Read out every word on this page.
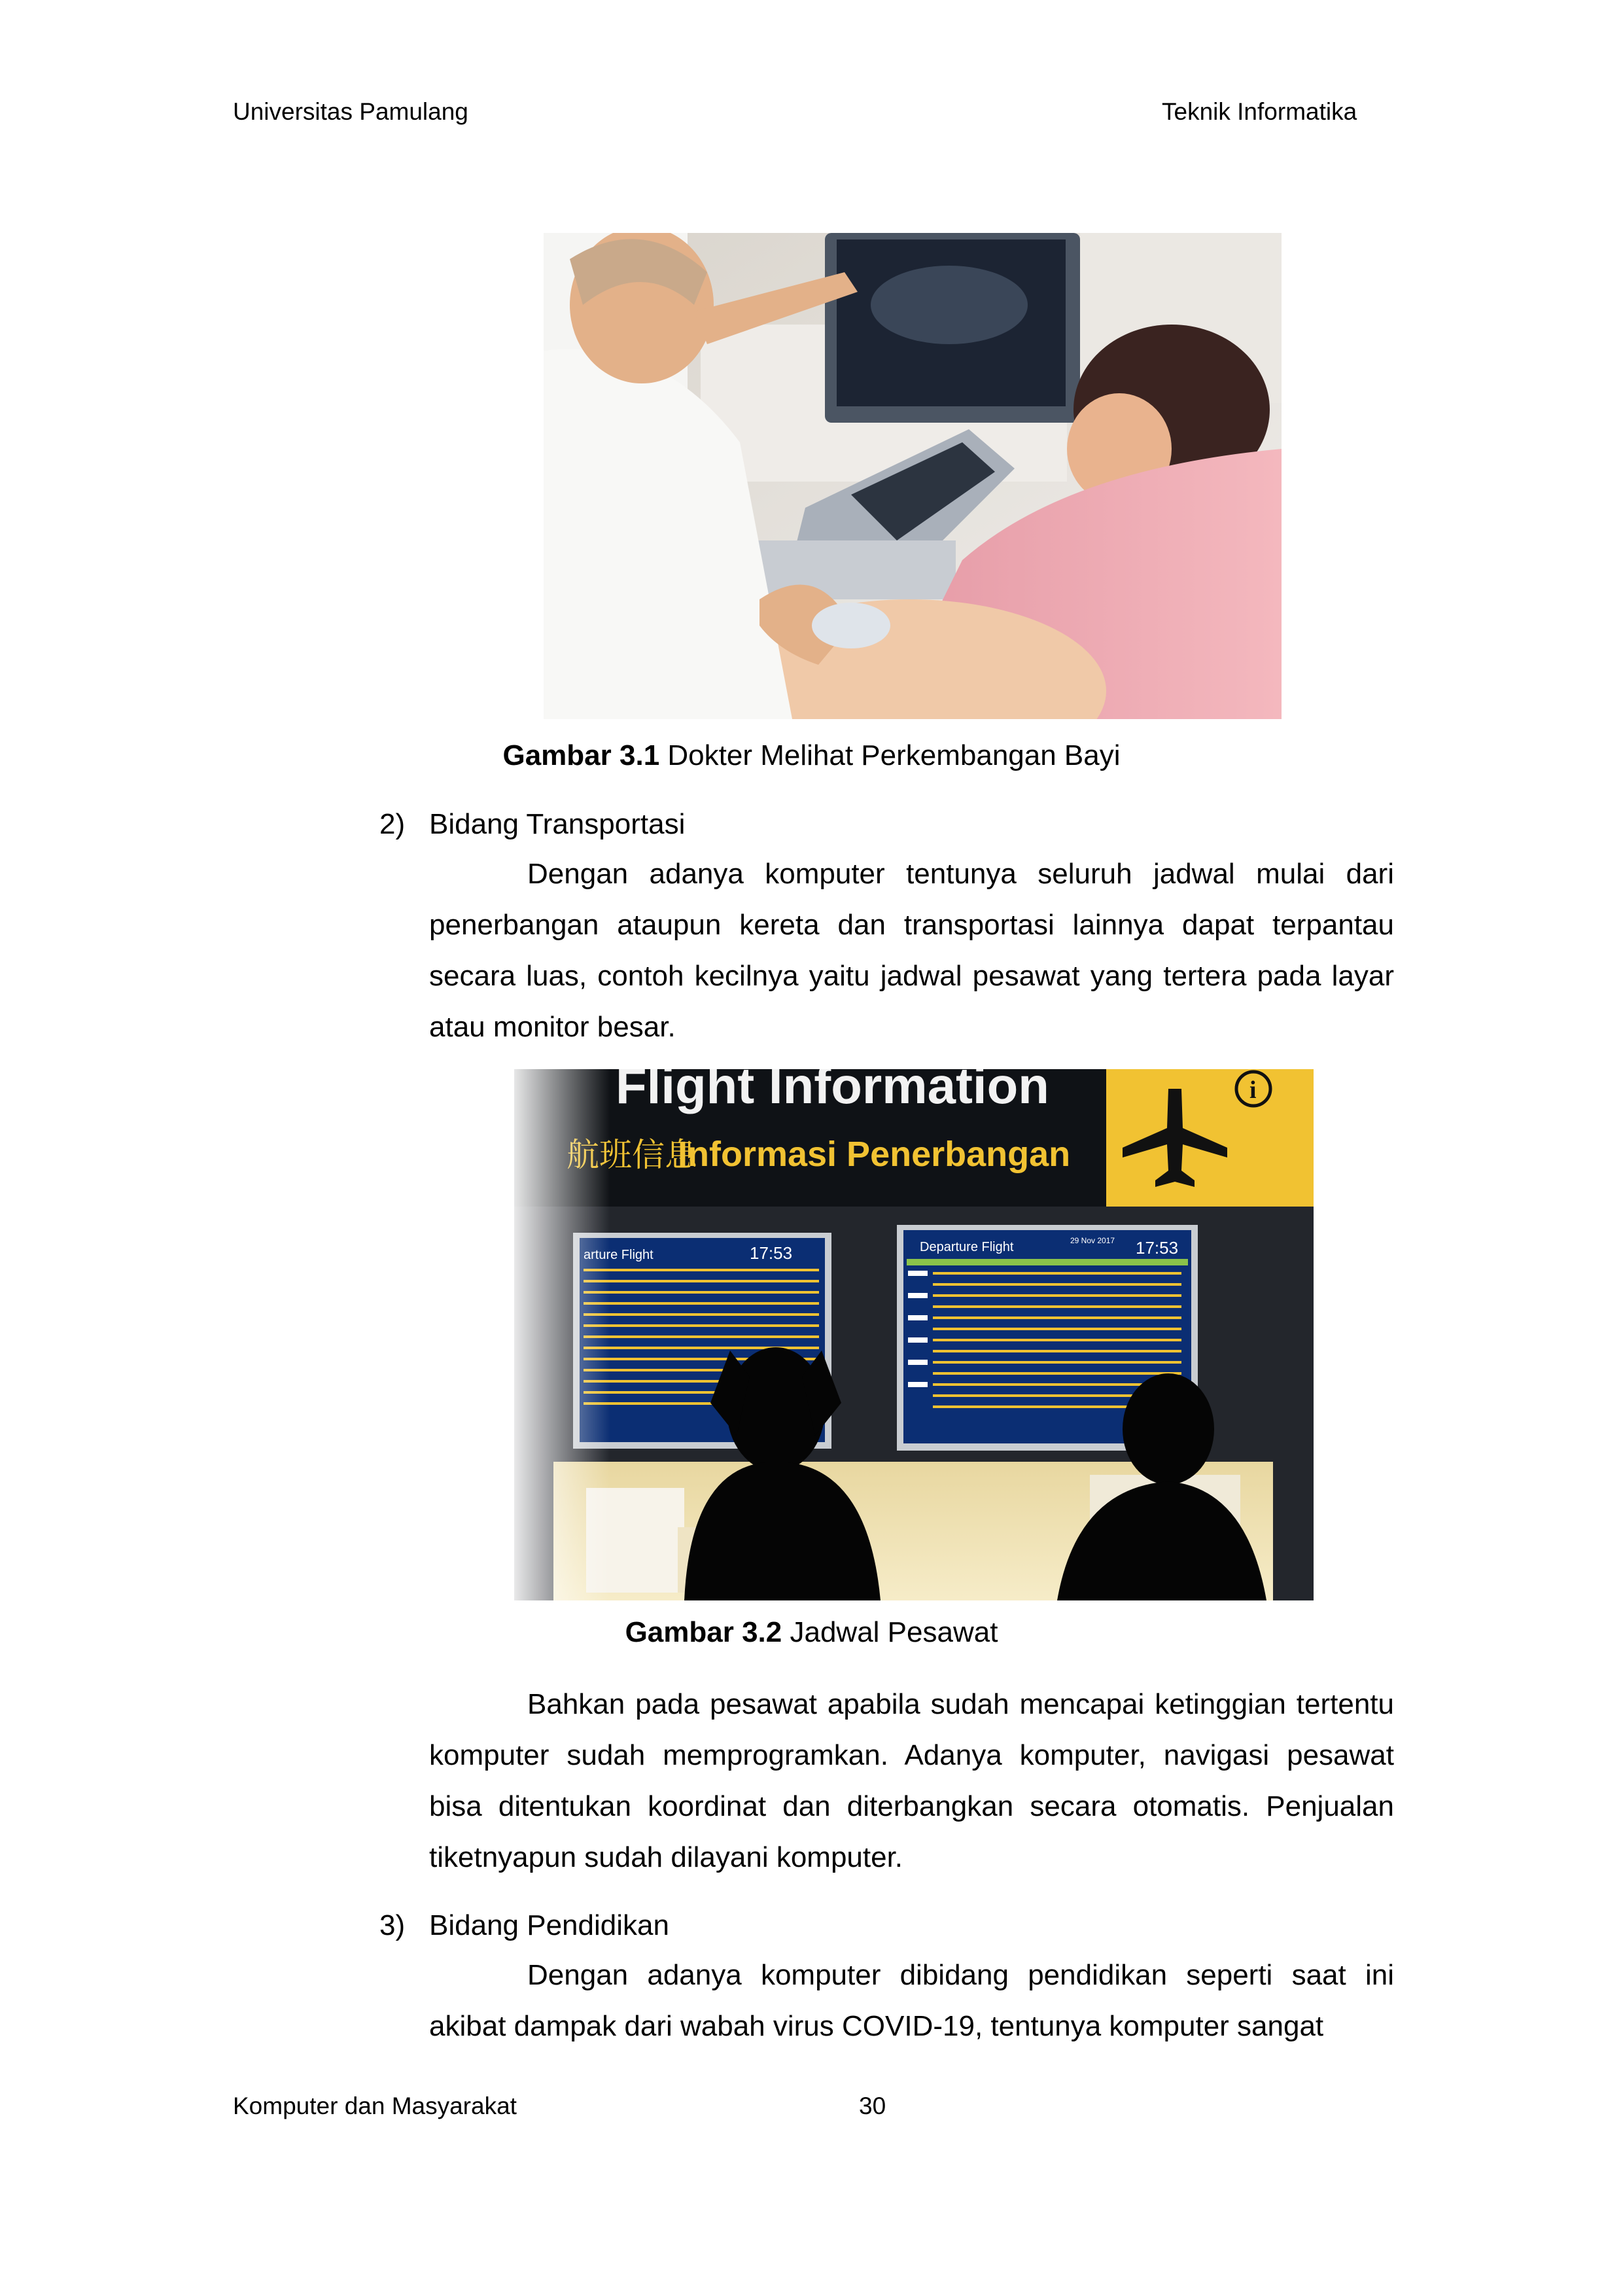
Universitas Pamulang	Teknik Informatika
Gambar 3.1 Dokter Melihat Perkembangan Bayi
2) Bidang Transportasi
Dengan adanya komputer tentunya seluruh jadwal mulai dari penerbangan ataupun kereta dan transportasi lainnya dapat terpantau secara luas, contoh kecilnya yaitu jadwal pesawat yang tertera pada layar atau monitor besar.
Gambar 3.2 Jadwal Pesawat
Bahkan pada pesawat apabila sudah mencapai ketinggian tertentu komputer sudah memprogramkan. Adanya komputer, navigasi pesawat bisa ditentukan koordinat dan diterbangkan secara otomatis. Penjualan tiketnyapun sudah dilayani komputer.
3) Bidang Pendidikan
Dengan adanya komputer dibidang pendidikan seperti saat ini akibat dampak dari wabah virus COVID-19, tentunya komputer sangat
Komputer dan Masyarakat	30
